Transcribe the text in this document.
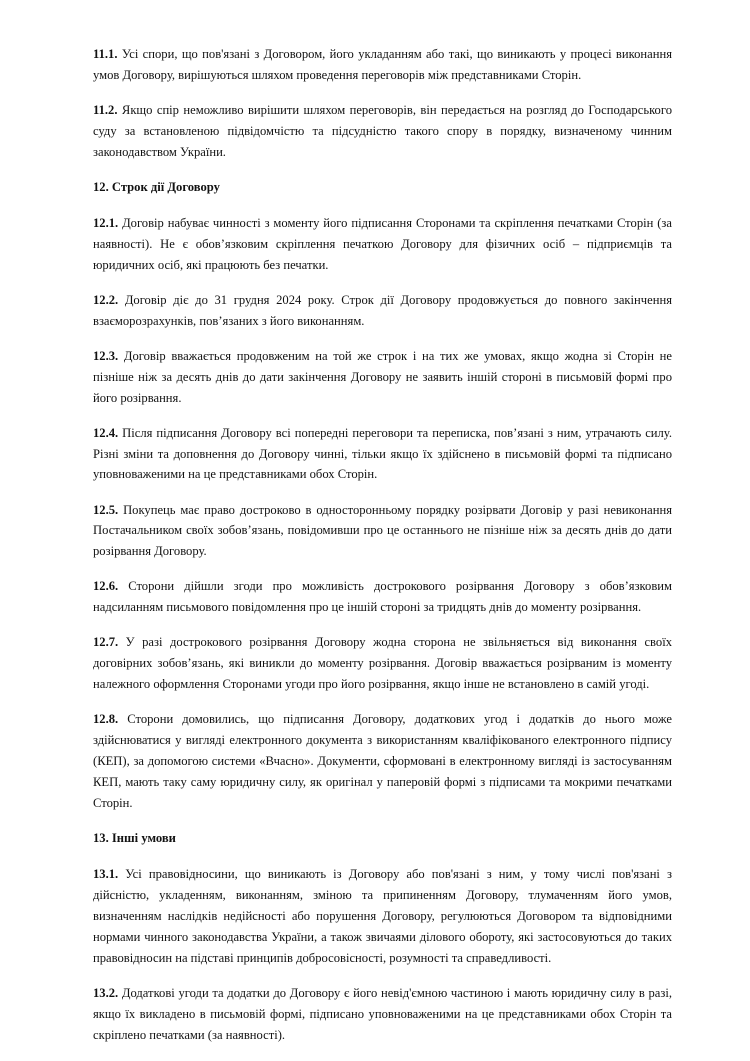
11.1. Усі спори, що пов'язані з Договором, його укладанням або такі, що виникають у процесі виконання умов Договору, вирішуються шляхом проведення переговорів між представниками Сторін.

11.2. Якщо спір неможливо вирішити шляхом переговорів, він передається на розгляд до Господарського суду за встановленою підвідомчістю та підсудністю такого спору в порядку, визначеному чинним законодавством України.

12. Строк дії Договору

12.1. Договір набуває чинності з моменту його підписання Сторонами та скріплення печатками Сторін (за наявності). Не є обов’язковим скріплення печаткою Договору для фізичних осіб – підприємців та юридичних осіб, які працюють без печатки.

12.2. Договір діє до 31 грудня 2024 року. Строк дії Договору продовжується до повного закінчення взаєморозрахунків, пов’язаних з його виконанням.

12.3. Договір вважається продовженим на той же строк і на тих же умовах, якщо жодна зі Сторін не пізніше ніж за десять днів до дати закінчення Договору не заявить іншій стороні в письмовій формі про його розірвання.

12.4. Після підписання Договору всі попередні переговори та переписка, пов’язані з ним, утрачають силу. Різні зміни та доповнення до Договору чинні, тільки якщо їх здійснено в письмовій формі та підписано уповноваженими на це представниками обох Сторін.

12.5. Покупець має право достроково в односторонньому порядку розірвати Договір у разі невиконання Постачальником своїх зобов’язань, повідомивши про це останнього не пізніше ніж за десять днів до дати розірвання Договору.

12.6. Сторони дійшли згоди про можливість дострокового розірвання Договору з обов’язковим надсиланням письмового повідомлення про це іншій стороні за тридцять днів до моменту розірвання.

12.7. У разі дострокового розірвання Договору жодна сторона не звільняється від виконання своїх договірних зобов’язань, які виникли до моменту розірвання. Договір вважається розірваним із моменту належного оформлення Сторонами угоди про його розірвання, якщо інше не встановлено в самій угоді.

12.8. Сторони домовились, що підписання Договору, додаткових угод і додатків до нього може здійснюватися у вигляді електронного документа з використанням кваліфікованого електронного підпису (КЕП), за допомогою системи «Вчасно». Документи, сформовані в електронному вигляді із застосуванням КЕП, мають таку саму юридичну силу, як оригінал у паперовій формі з підписами та мокрими печатками Сторін.

13. Інші умови

13.1. Усі правовідносини, що виникають із Договору або пов'язані з ним, у тому числі пов'язані з дійсністю, укладенням, виконанням, зміною та припиненням Договору, тлумаченням його умов, визначенням наслідків недійсності або порушення Договору, регулюються Договором та відповідними нормами чинного законодавства України, а також звичаями ділового обороту, які застосовуються до таких правовідносин на підставі принципів добросовісності, розумності та справедливості.

13.2. Додаткові угоди та додатки до Договору є його невід'ємною частиною і мають юридичну силу в разі, якщо їх викладено в письмовій формі, підписано уповноваженими на це представниками обох Сторін та скріплено печатками (за наявності).
